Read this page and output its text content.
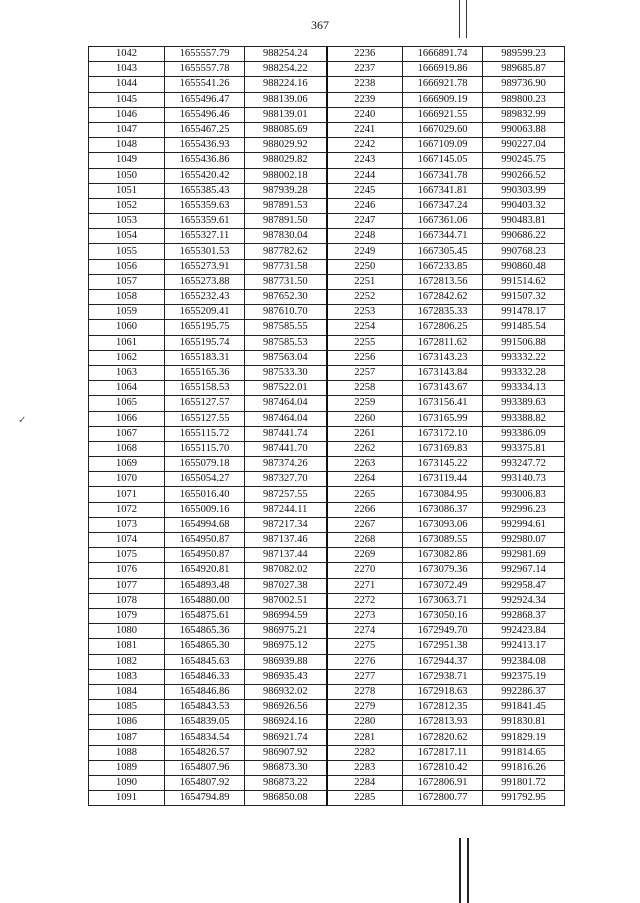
367
✓
1042	1655557.79	988254.24	2236	1666891.74	989599.23
1043	1655557.78	988254.22	2237	1666919.86	989685.87
1044	1655541.26	988224.16	2238	1666921.78	989736.90
1045	1655496.47	988139.06	2239	1666909.19	989800.23
1046	1655496.46	988139.01	2240	1666921.55	989832.99
1047	1655467.25	988085.69	2241	1667029.60	990063.88
1048	1655436.93	988029.92	2242	1667109.09	990227.04
1049	1655436.86	988029.82	2243	1667145.05	990245.75
1050	1655420.42	988002.18	2244	1667341.78	990266.52
1051	1655385.43	987939.28	2245	1667341.81	990303.99
1052	1655359.63	987891.53	2246	1667347.24	990403.32
1053	1655359.61	987891.50	2247	1667361.06	990483.81
1054	1655327.11	987830.04	2248	1667344.71	990686.22
1055	1655301.53	987782.62	2249	1667305.45	990768.23
1056	1655273.91	987731.58	2250	1667233.85	990860.48
1057	1655273.88	987731.50	2251	1672813.56	991514.62
1058	1655232.43	987652.30	2252	1672842.62	991507.32
1059	1655209.41	987610.70	2253	1672835.33	991478.17
1060	1655195.75	987585.55	2254	1672806.25	991485.54
1061	1655195.74	987585.53	2255	1672811.62	991506.88
1062	1655183.31	987563.04	2256	1673143.23	993332.22
1063	1655165.36	987533.30	2257	1673143.84	993332.28
1064	1655158.53	987522.01	2258	1673143.67	993334.13
1065	1655127.57	987464.04	2259	1673156.41	993389.63
1066	1655127.55	987464.04	2260	1673165.99	993388.82
1067	1655115.72	987441.74	2261	1673172.10	993386.09
1068	1655115.70	987441.70	2262	1673169.83	993375.81
1069	1655079.18	987374.26	2263	1673145.22	993247.72
1070	1655054.27	987327.70	2264	1673119.44	993140.73
1071	1655016.40	987257.55	2265	1673084.95	993006.83
1072	1655009.16	987244.11	2266	1673086.37	992996.23
1073	1654994.68	987217.34	2267	1673093.06	992994.61
1074	1654950.87	987137.46	2268	1673089.55	992980.07
1075	1654950.87	987137.44	2269	1673082.86	992981.69
1076	1654920.81	987082.02	2270	1673079.36	992967.14
1077	1654893.48	987027.38	2271	1673072.49	992958.47
1078	1654880.00	987002.51	2272	1673063.71	992924.34
1079	1654875.61	986994.59	2273	1673050.16	992868.37
1080	1654865.36	986975.21	2274	1672949.70	992423.84
1081	1654865.30	986975.12	2275	1672951.38	992413.17
1082	1654845.63	986939.88	2276	1672944.37	992384.08
1083	1654846.33	986935.43	2277	1672938.71	992375.19
1084	1654846.86	986932.02	2278	1672918.63	992286.37
1085	1654843.53	986926.56	2279	1672812.35	991841.45
1086	1654839.05	986924.16	2280	1672813.93	991830.81
1087	1654834.54	986921.74	2281	1672820.62	991829.19
1088	1654826.57	986907.92	2282	1672817.11	991814.65
1089	1654807.96	986873.30	2283	1672810.42	991816.26
1090	1654807.92	986873.22	2284	1672806.91	991801.72
1091	1654794.89	986850.08	2285	1672800.77	991792.95
